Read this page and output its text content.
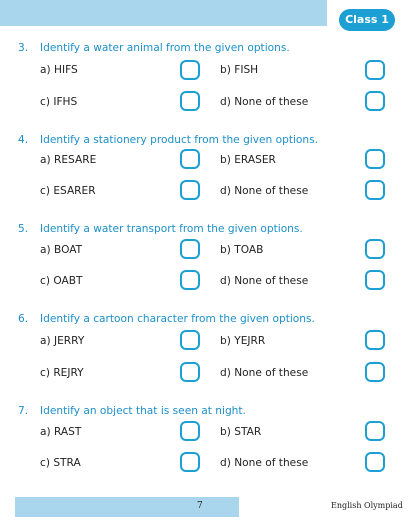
Class 1
3. Identify a water animal from the given options.
a) HIFS	b) FISH
c) IFHS	d) None of these
4. Identify a stationery product from the given options.
a) RESARE	b) ERASER
c) ESARER	d) None of these
5. Identify a water transport from the given options.
a) BOAT	b) TOAB
c) OABT	d) None of these
6. Identify a cartoon character from the given options.
a) JERRY	b) YEJRR
c) REJRY	d) None of these
7. Identify an object that is seen at night.
a) RAST	b) STAR
c) STRA	d) None of these
7	English Olympiad
